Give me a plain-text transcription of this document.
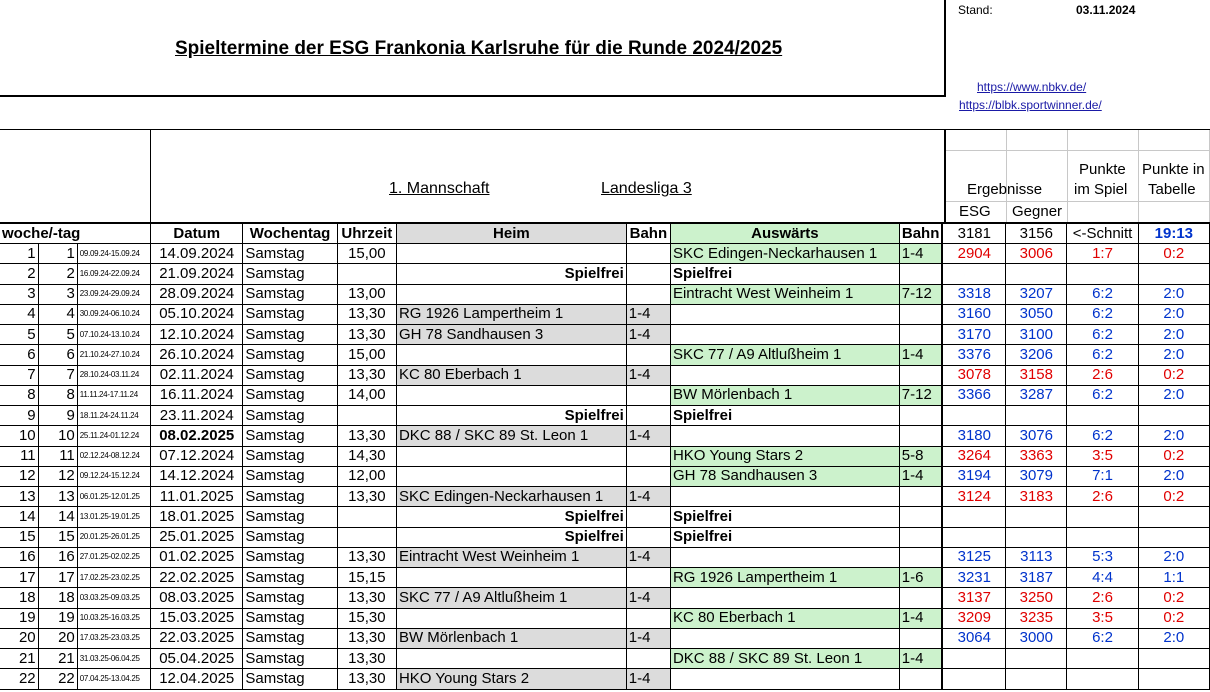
Spieltermine der ESG Frankonia Karlsruhe für die Runde 2024/2025
Stand:	03.11.2024
https://www.nbkv.de/
https://blbk.sportwinner.de/
1. Mannschaft	Landesliga 3	Ergebnisse
Punkte
im Spiel
Punkte in
Tabelle
ESG Gegner
woche/-tag			Datum	Wochentag	Uhrzeit	Heim	Bahn	Auswärts	Bahn	3181	3156	<-Schnitt	19:13
1	1	09.09.24-15.09.24	14.09.2024	Samstag	15,00			SKC Edingen-Neckarhausen 1	1-4	2904	3006	1:7	0:2
2	2	16.09.24-22.09.24	21.09.2024	Samstag		Spielfrei		Spielfrei					
3	3	23.09.24-29.09.24	28.09.2024	Samstag	13,00			Eintracht West Weinheim 1	7-12	3318	3207	6:2	2:0
4	4	30.09.24-06.10.24	05.10.2024	Samstag	13,30	RG 1926 Lampertheim 1	1-4			3160	3050	6:2	2:0
5	5	07.10.24-13.10.24	12.10.2024	Samstag	13,30	GH 78 Sandhausen 3	1-4			3170	3100	6:2	2:0
6	6	21.10.24-27.10.24	26.10.2024	Samstag	15,00			SKC 77 / A9 Altlußheim 1	1-4	3376	3206	6:2	2:0
7	7	28.10.24-03.11.24	02.11.2024	Samstag	13,30	KC 80 Eberbach 1	1-4			3078	3158	2:6	0:2
8	8	11.11.24-17.11.24	16.11.2024	Samstag	14,00			BW Mörlenbach 1	7-12	3366	3287	6:2	2:0
9	9	18.11.24-24.11.24	23.11.2024	Samstag		Spielfrei		Spielfrei					
10	10	25.11.24-01.12.24	08.02.2025	Samstag	13,30	DKC 88 / SKC 89 St. Leon 1	1-4			3180	3076	6:2	2:0
11	11	02.12.24-08.12.24	07.12.2024	Samstag	14,30			HKO Young Stars 2	5-8	3264	3363	3:5	0:2
12	12	09.12.24-15.12.24	14.12.2024	Samstag	12,00			GH 78 Sandhausen 3	1-4	3194	3079	7:1	2:0
13	13	06.01.25-12.01.25	11.01.2025	Samstag	13,30	SKC Edingen-Neckarhausen 1	1-4			3124	3183	2:6	0:2
14	14	13.01.25-19.01.25	18.01.2025	Samstag		Spielfrei		Spielfrei					
15	15	20.01.25-26.01.25	25.01.2025	Samstag		Spielfrei		Spielfrei					
16	16	27.01.25-02.02.25	01.02.2025	Samstag	13,30	Eintracht West Weinheim 1	1-4			3125	3113	5:3	2:0
17	17	17.02.25-23.02.25	22.02.2025	Samstag	15,15			RG 1926 Lampertheim 1	1-6	3231	3187	4:4	1:1
18	18	03.03.25-09.03.25	08.03.2025	Samstag	13,30	SKC 77 / A9 Altlußheim 1	1-4			3137	3250	2:6	0:2
19	19	10.03.25-16.03.25	15.03.2025	Samstag	15,30			KC 80 Eberbach 1	1-4	3209	3235	3:5	0:2
20	20	17.03.25-23.03.25	22.03.2025	Samstag	13,30	BW Mörlenbach 1	1-4			3064	3000	6:2	2:0
21	21	31.03.25-06.04.25	05.04.2025	Samstag	13,30			DKC 88 / SKC 89 St. Leon 1	1-4				
22	22	07.04.25-13.04.25	12.04.2025	Samstag	13,30	HKO Young Stars 2	1-4						
